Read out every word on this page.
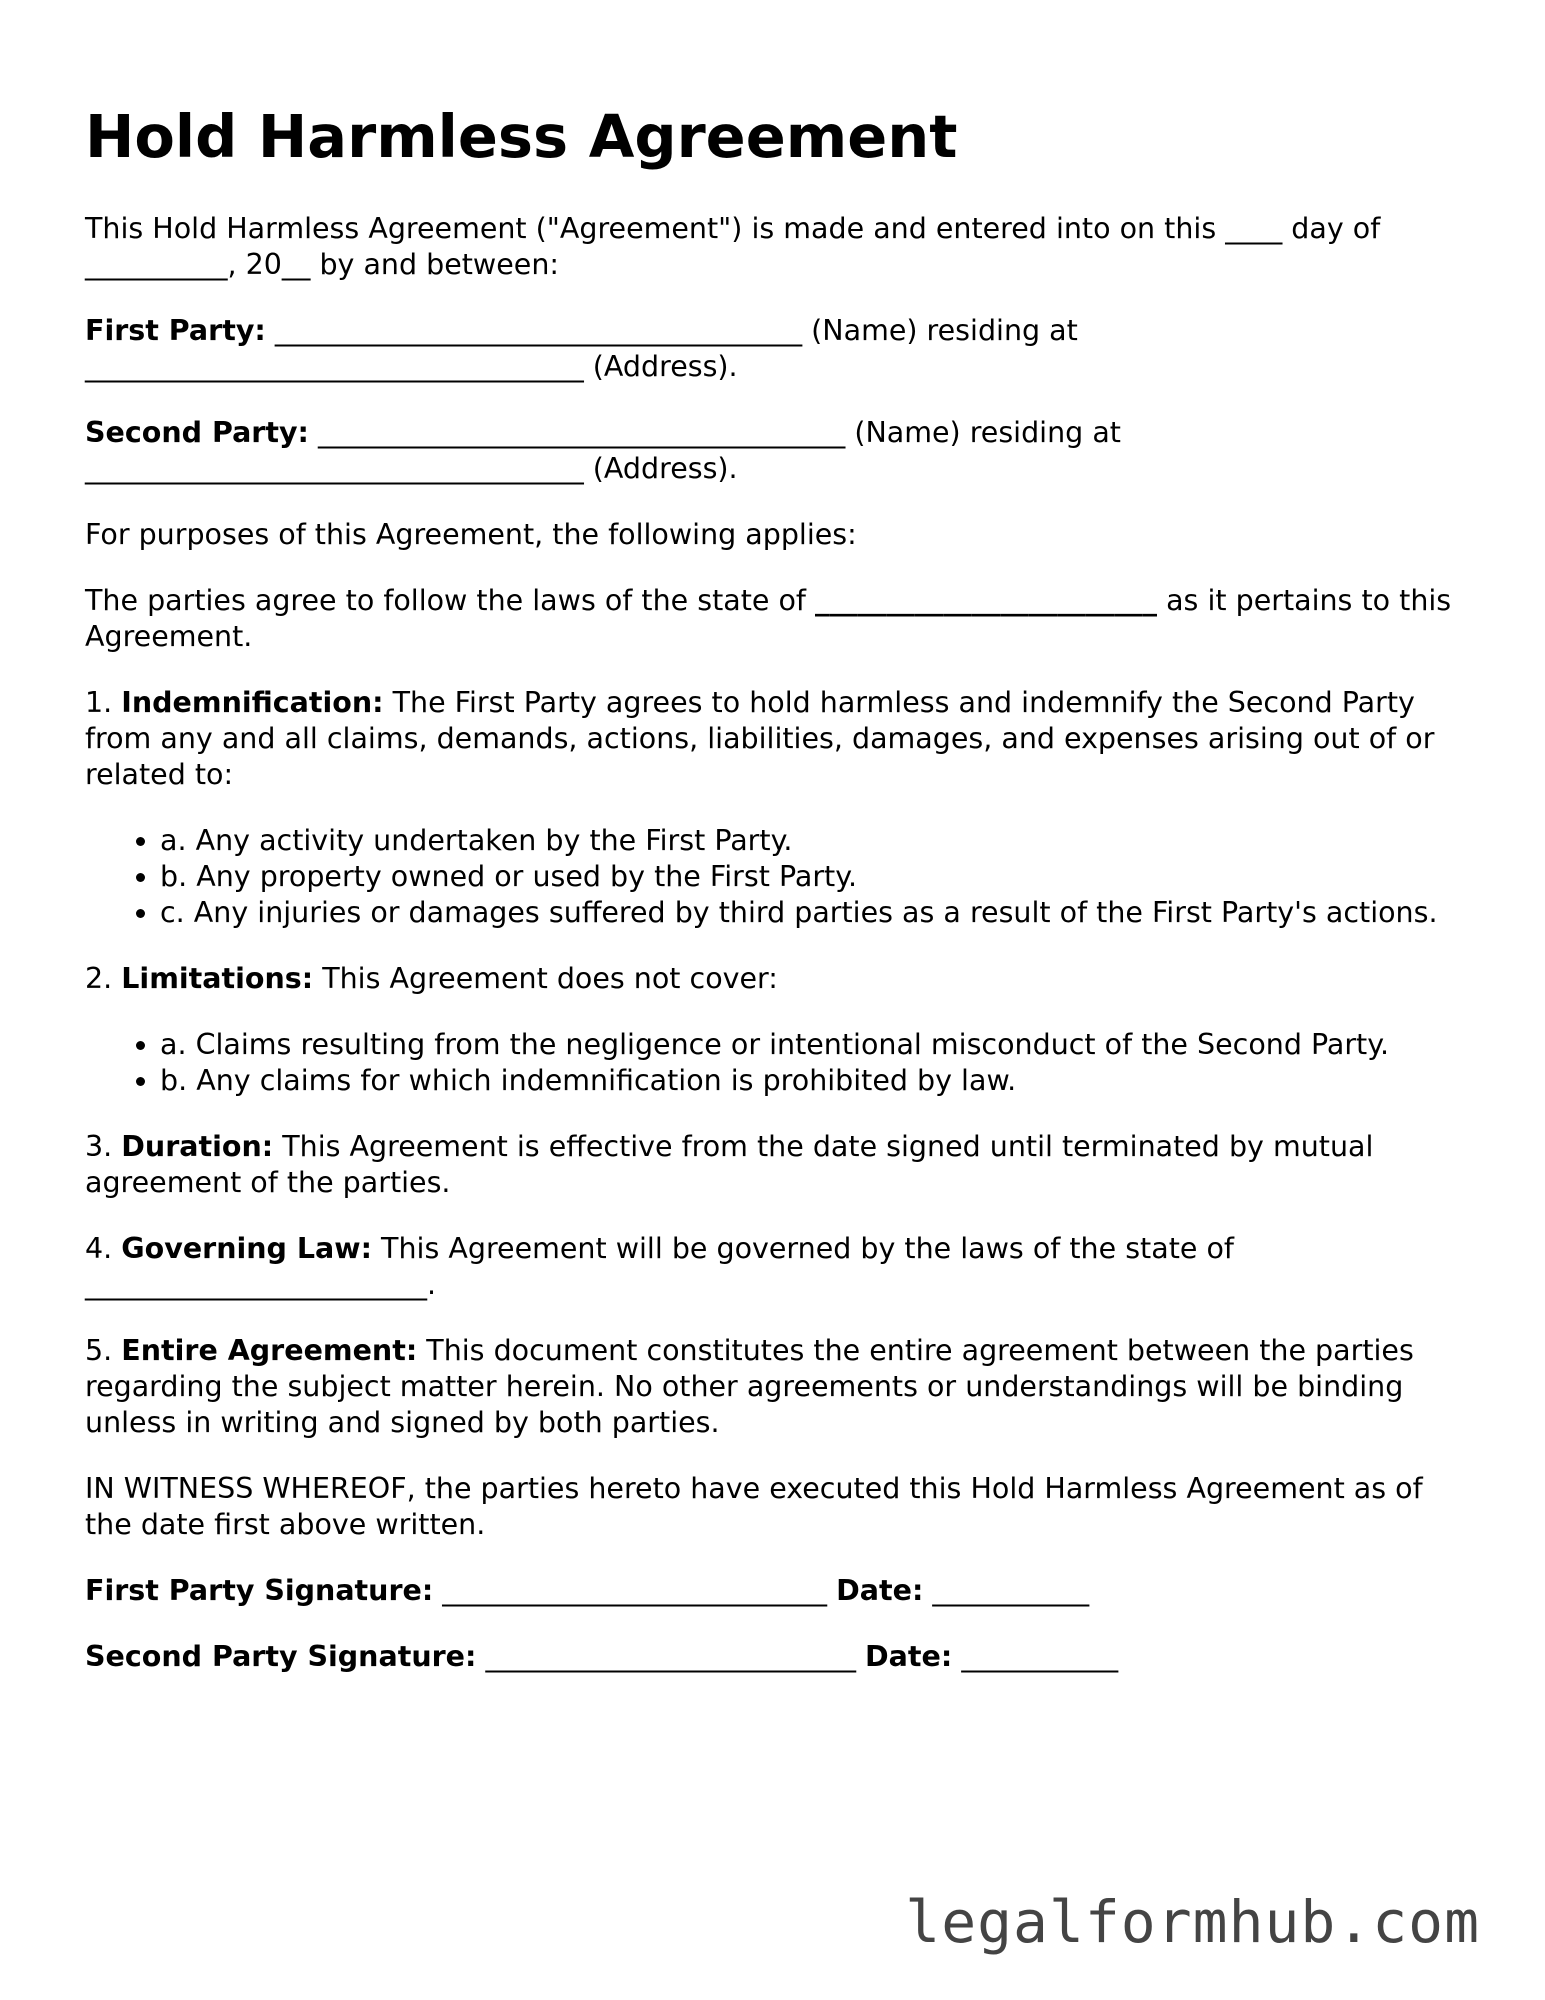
Hold Harmless Agreement

This Hold Harmless Agreement ("Agreement") is made and entered into on this ____ day of __________, 20__ by and between:

First Party: _____________________________________ (Name) residing at ___________________________________ (Address).

Second Party: _____________________________________ (Name) residing at ___________________________________ (Address).

For purposes of this Agreement, the following applies:

The parties agree to follow the laws of the state of ________________________ as it pertains to this Agreement.

1. Indemnification: The First Party agrees to hold harmless and indemnify the Second Party from any and all claims, demands, actions, liabilities, damages, and expenses arising out of or related to:

• a. Any activity undertaken by the First Party.
• b. Any property owned or used by the First Party.
• c. Any injuries or damages suffered by third parties as a result of the First Party's actions.

2. Limitations: This Agreement does not cover:

• a. Claims resulting from the negligence or intentional misconduct of the Second Party.
• b. Any claims for which indemnification is prohibited by law.

3. Duration: This Agreement is effective from the date signed until terminated by mutual agreement of the parties.

4. Governing Law: This Agreement will be governed by the laws of the state of ________________________.

5. Entire Agreement: This document constitutes the entire agreement between the parties regarding the subject matter herein. No other agreements or understandings will be binding unless in writing and signed by both parties.

IN WITNESS WHEREOF, the parties hereto have executed this Hold Harmless Agreement as of the date first above written.

First Party Signature: ___________________________ Date: ___________

Second Party Signature: __________________________ Date: ___________

legalformhub.com
